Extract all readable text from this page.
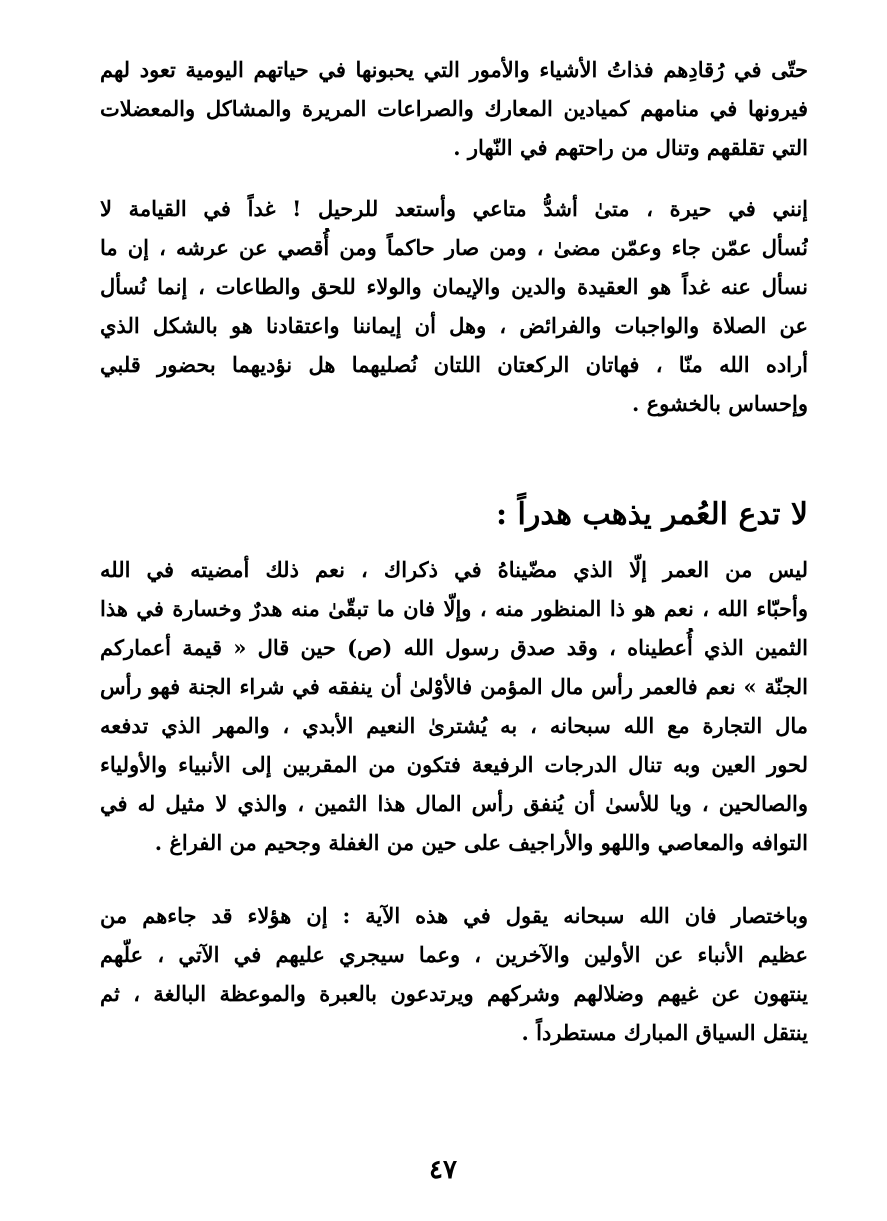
حتّى في رُقادِهم فذاتُ الأشياء والأمور التي يحبونها في حياتهم اليومية تعود لهم
فيرونها في منامهم كميادين المعارك والصراعات المريرة والمشاكل والمعضلات
التي تقلقهم وتنال من راحتهم في النّهار .
إنني في حيرة ، متىٰ أشدُّ متاعي وأستعد للرحيل ! غداً في القيامة لا
نُسأل عمّن جاء وعمّن مضىٰ ، ومن صار حاكماً ومن أُقصي عن عرشه ، إن ما
نسأل عنه غداً هو العقيدة والدين والإيمان والولاء للحق والطاعات ، إنما نُسأل
عن الصلاة والواجبات والفرائض ، وهل أن إيماننا واعتقادنا هو بالشكل الذي
أراده الله منّا ، فهاتان الركعتان اللتان نُصليهما هل نؤديهما بحضور قلبي
وإحساس بالخشوع .
لا تدع العُمر يذهب هدراً :
ليس من العمر إلّا الذي مضّيناهُ في ذكراك ، نعم ذلك أمضيته في الله
وأحبّاء الله ، نعم هو ذا المنظور منه ، وإلّا فان ما تبقّىٰ منه هدرٌ وخسارة في هذا
الثمين الذي أُعطيناه ، وقد صدق رسول الله (ص) حين قال « قيمة أعماركم
الجنّة » نعم فالعمر رأس مال المؤمن فالأوْلىٰ أن ينفقه في شراء الجنة فهو رأس
مال التجارة مع الله سبحانه ، به يُشترىٰ النعيم الأبدي ، والمهر الذي تدفعه
لحور العين وبه تنال الدرجات الرفيعة فتكون من المقربين إلى الأنبياء والأولياء
والصالحين ، ويا للأسىٰ أن يُنفق رأس المال هذا الثمين ، والذي لا مثيل له في
التوافه والمعاصي واللهو والأراجيف على حين من الغفلة وجحيم من الفراغ .
وباختصار فان الله سبحانه يقول في هذه الآية : إن هؤلاء قد جاءهم من
عظيم الأنباء عن الأولين والآخرين ، وعما سيجري عليهم في الآتي ، علّهم
ينتهون عن غيهم وضلالهم وشركهم ويرتدعون بالعبرة والموعظة البالغة ، ثم
ينتقل السياق المبارك مستطرداً .
٤٧
